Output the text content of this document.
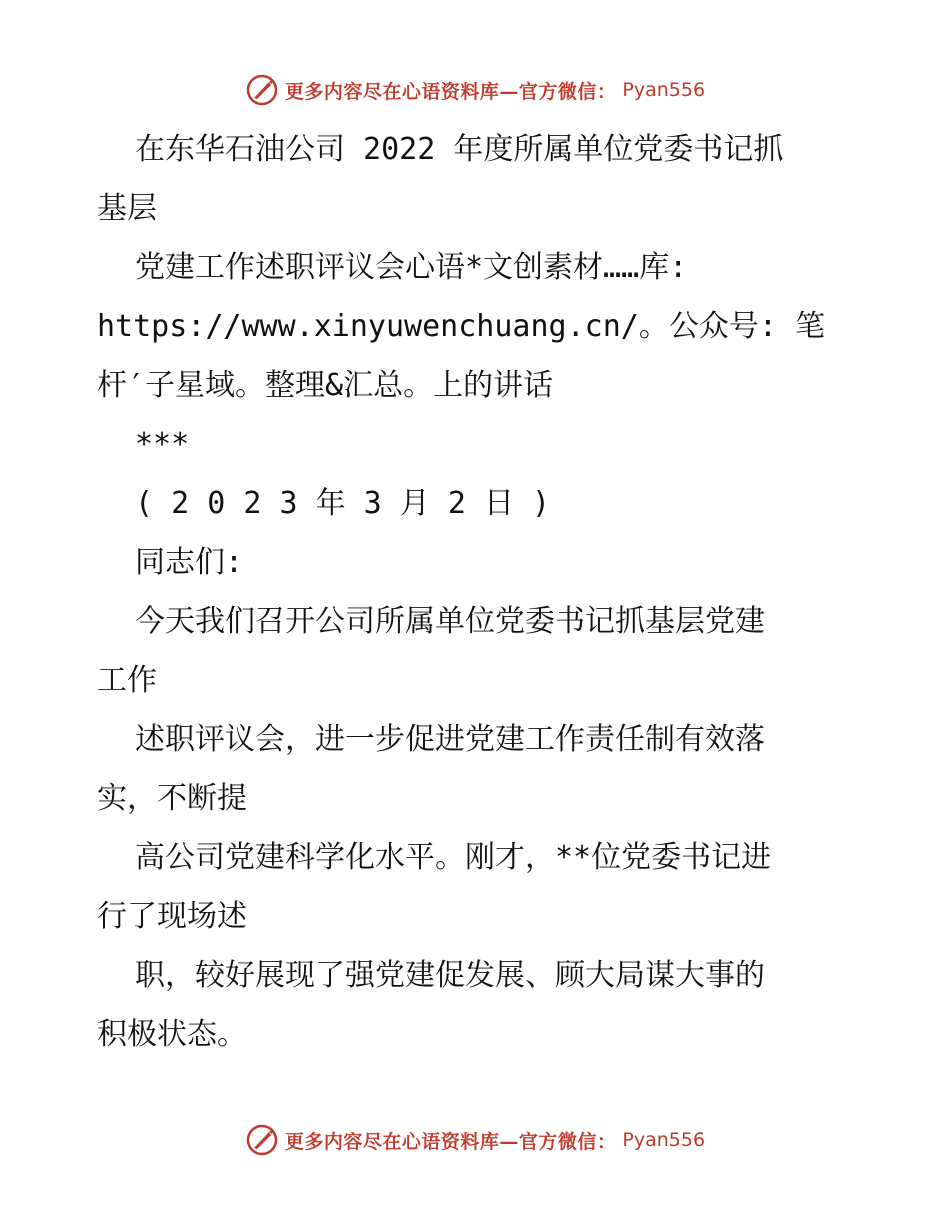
更多内容尽在心语资料库—官方微信： Pyan556
在东华石油公司 2022 年度所属单位党委书记抓
基层
党建工作述职评议会心语*文创素材……库:
https://www.xinyuwenchuang.cn/。公众号: 笔
杆′子星域。整理&汇总。上的讲话
***
( 2 0 2 3 年 3 月 2 日 )
同志们:
今天我们召开公司所属单位党委书记抓基层党建
工作
述职评议会，进一步促进党建工作责任制有效落
实，不断提
高公司党建科学化水平。刚才，**位党委书记进
行了现场述
职，较好展现了强党建促发展、顾大局谋大事的
积极状态。
更多内容尽在心语资料库—官方微信： Pyan556
